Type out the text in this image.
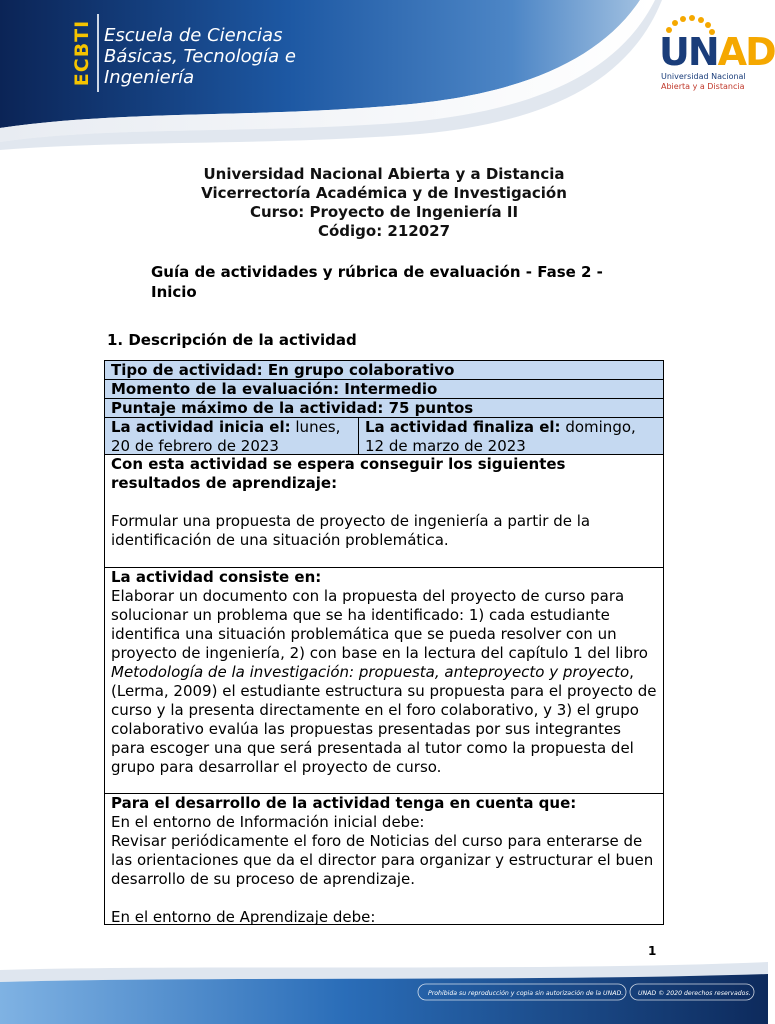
ECBTI Escuela de Ciencias
Básicas, Tecnología e
Ingeniería
UNAD
Universidad Nacional
Abierta y a Distancia
Universidad Nacional Abierta y a Distancia
Vicerrectoría Académica y de Investigación
Curso: Proyecto de Ingeniería II
Código: 212027
Guía de actividades y rúbrica de evaluación - Fase 2 - Inicio
1. Descripción de la actividad
Tipo de actividad: En grupo colaborativo
Momento de la evaluación: Intermedio
Puntaje máximo de la actividad: 75 puntos
La actividad inicia el: lunes, 20 de febrero de 2023
La actividad finaliza el: domingo, 12 de marzo de 2023
Con esta actividad se espera conseguir los siguientes resultados de aprendizaje:
Formular una propuesta de proyecto de ingeniería a partir de la identificación de una situación problemática.
La actividad consiste en:
Elaborar un documento con la propuesta del proyecto de curso para solucionar un problema que se ha identificado: 1) cada estudiante identifica una situación problemática que se pueda resolver con un proyecto de ingeniería, 2) con base en la lectura del capítulo 1 del libro Metodología de la investigación: propuesta, anteproyecto y proyecto, (Lerma, 2009) el estudiante estructura su propuesta para el proyecto de curso y la presenta directamente en el foro colaborativo, y 3) el grupo colaborativo evalúa las propuestas presentadas por sus integrantes para escoger una que será presentada al tutor como la propuesta del grupo para desarrollar el proyecto de curso.
Para el desarrollo de la actividad tenga en cuenta que:
En el entorno de Información inicial debe:
Revisar periódicamente el foro de Noticias del curso para enterarse de las orientaciones que da el director para organizar y estructurar el buen desarrollo de su proceso de aprendizaje.
En el entorno de Aprendizaje debe:
1
Prohibida su reproducción y copia sin autorización de la UNAD. UNAD © 2020 derechos reservados.
